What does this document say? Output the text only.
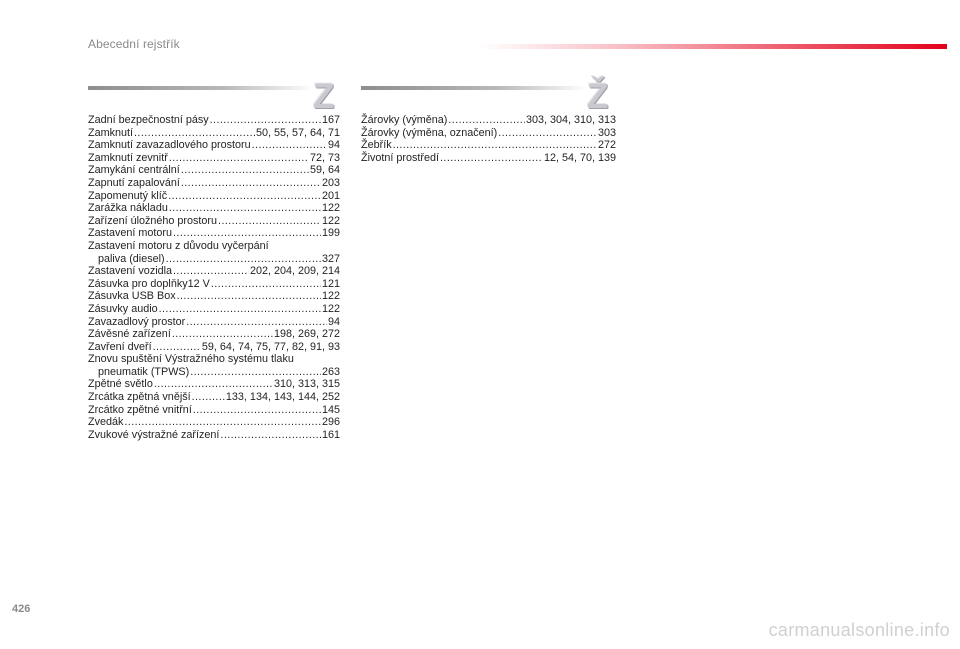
Abecední rejstřík
Z
Zadní bezpečnostní pásy .....	167
Zamknutí .....	50, 55, 57, 64, 71
Zamknutí zavazadlového prostoru .....	94
Zamknutí zevnitř .....	72, 73
Zamykání centrální .....	59, 64
Zapnutí zapalování .....	203
Zapomenutý klíč .....	201
Zarážka nákladu .....	122
Zařízení úložného prostoru .....	122
Zastavení motoru .....	199
Zastavení motoru z důvodu vyčerpání
paliva (diesel) .....	327
Zastavení vozidla .....	202, 204, 209, 214
Zásuvka pro doplňky12 V .....	121
Zásuvka USB Box .....	122
Zásuvky audio .....	122
Zavazadlový prostor .....	94
Závěsné zařízení .....	198, 269, 272
Zavření dveří .....	59, 64, 74, 75, 77, 82, 91, 93
Znovu spuštění Výstražného systému tlaku
pneumatik (TPWS) .....	263
Zpětné světlo .....	310, 313, 315
Zrcátka zpětná vnější .....	133, 134, 143, 144, 252
Zrcátko zpětné vnitřní .....	145
Zvedák .....	296
Zvukové výstražné zařízení .....	161
Ž
Žárovky (výměna) .....	303, 304, 310, 313
Žárovky (výměna, označení) .....	303
Žebřík .....	272
Životní prostředí .....	12, 54, 70, 139
426
carmanualsonline.info
